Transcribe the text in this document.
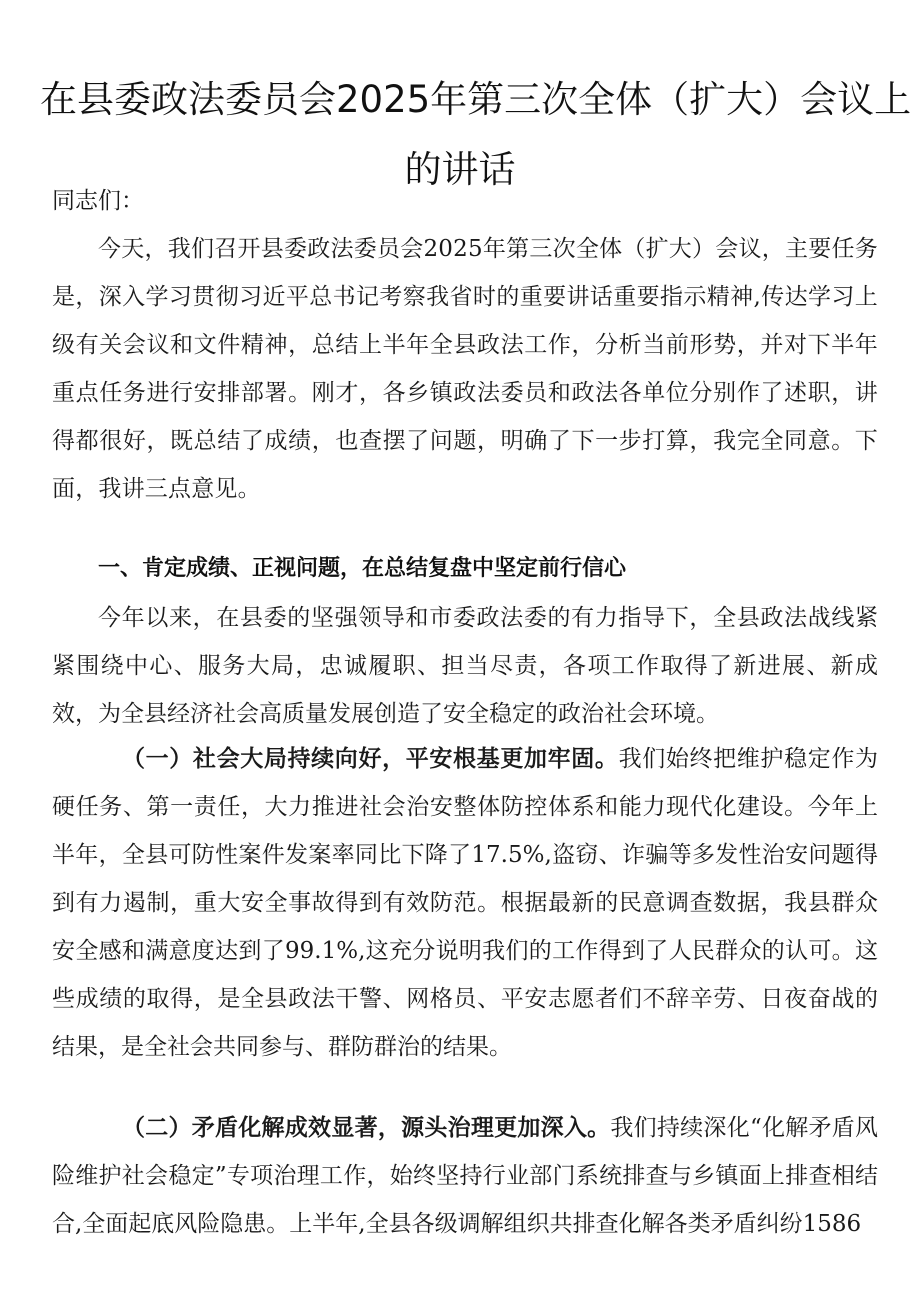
在县委政法委员会2025年第三次全体（扩大）会议上
的讲话
同志们：
今天，我们召开县委政法委员会2025年第三次全体（扩大）会议，主要任务是，深入学习贯彻习近平总书记考察我省时的重要讲话重要指示精神,传达学习上级有关会议和文件精神，总结上半年全县政法工作，分析当前形势，并对下半年重点任务进行安排部署。刚才，各乡镇政法委员和政法各单位分别作了述职，讲得都很好，既总结了成绩，也查摆了问题，明确了下一步打算，我完全同意。下面，我讲三点意见。
一、肯定成绩、正视问题，在总结复盘中坚定前行信心
今年以来，在县委的坚强领导和市委政法委的有力指导下，全县政法战线紧紧围绕中心、服务大局，忠诚履职、担当尽责，各项工作取得了新进展、新成效，为全县经济社会高质量发展创造了安全稳定的政治社会环境。
（一）社会大局持续向好，平安根基更加牢固。我们始终把维护稳定作为硬任务、第一责任，大力推进社会治安整体防控体系和能力现代化建设。今年上半年，全县可防性案件发案率同比下降了17.5%,盗窃、诈骗等多发性治安问题得到有力遏制，重大安全事故得到有效防范。根据最新的民意调查数据，我县群众安全感和满意度达到了99.1%,这充分说明我们的工作得到了人民群众的认可。这些成绩的取得，是全县政法干警、网格员、平安志愿者们不辞辛劳、日夜奋战的结果，是全社会共同参与、群防群治的结果。
（二）矛盾化解成效显著，源头治理更加深入。我们持续深化“化解矛盾风险维护社会稳定”专项治理工作，始终坚持行业部门系统排查与乡镇面上排查相结合,全面起底风险隐患。上半年,全县各级调解组织共排查化解各类矛盾纠纷1586
